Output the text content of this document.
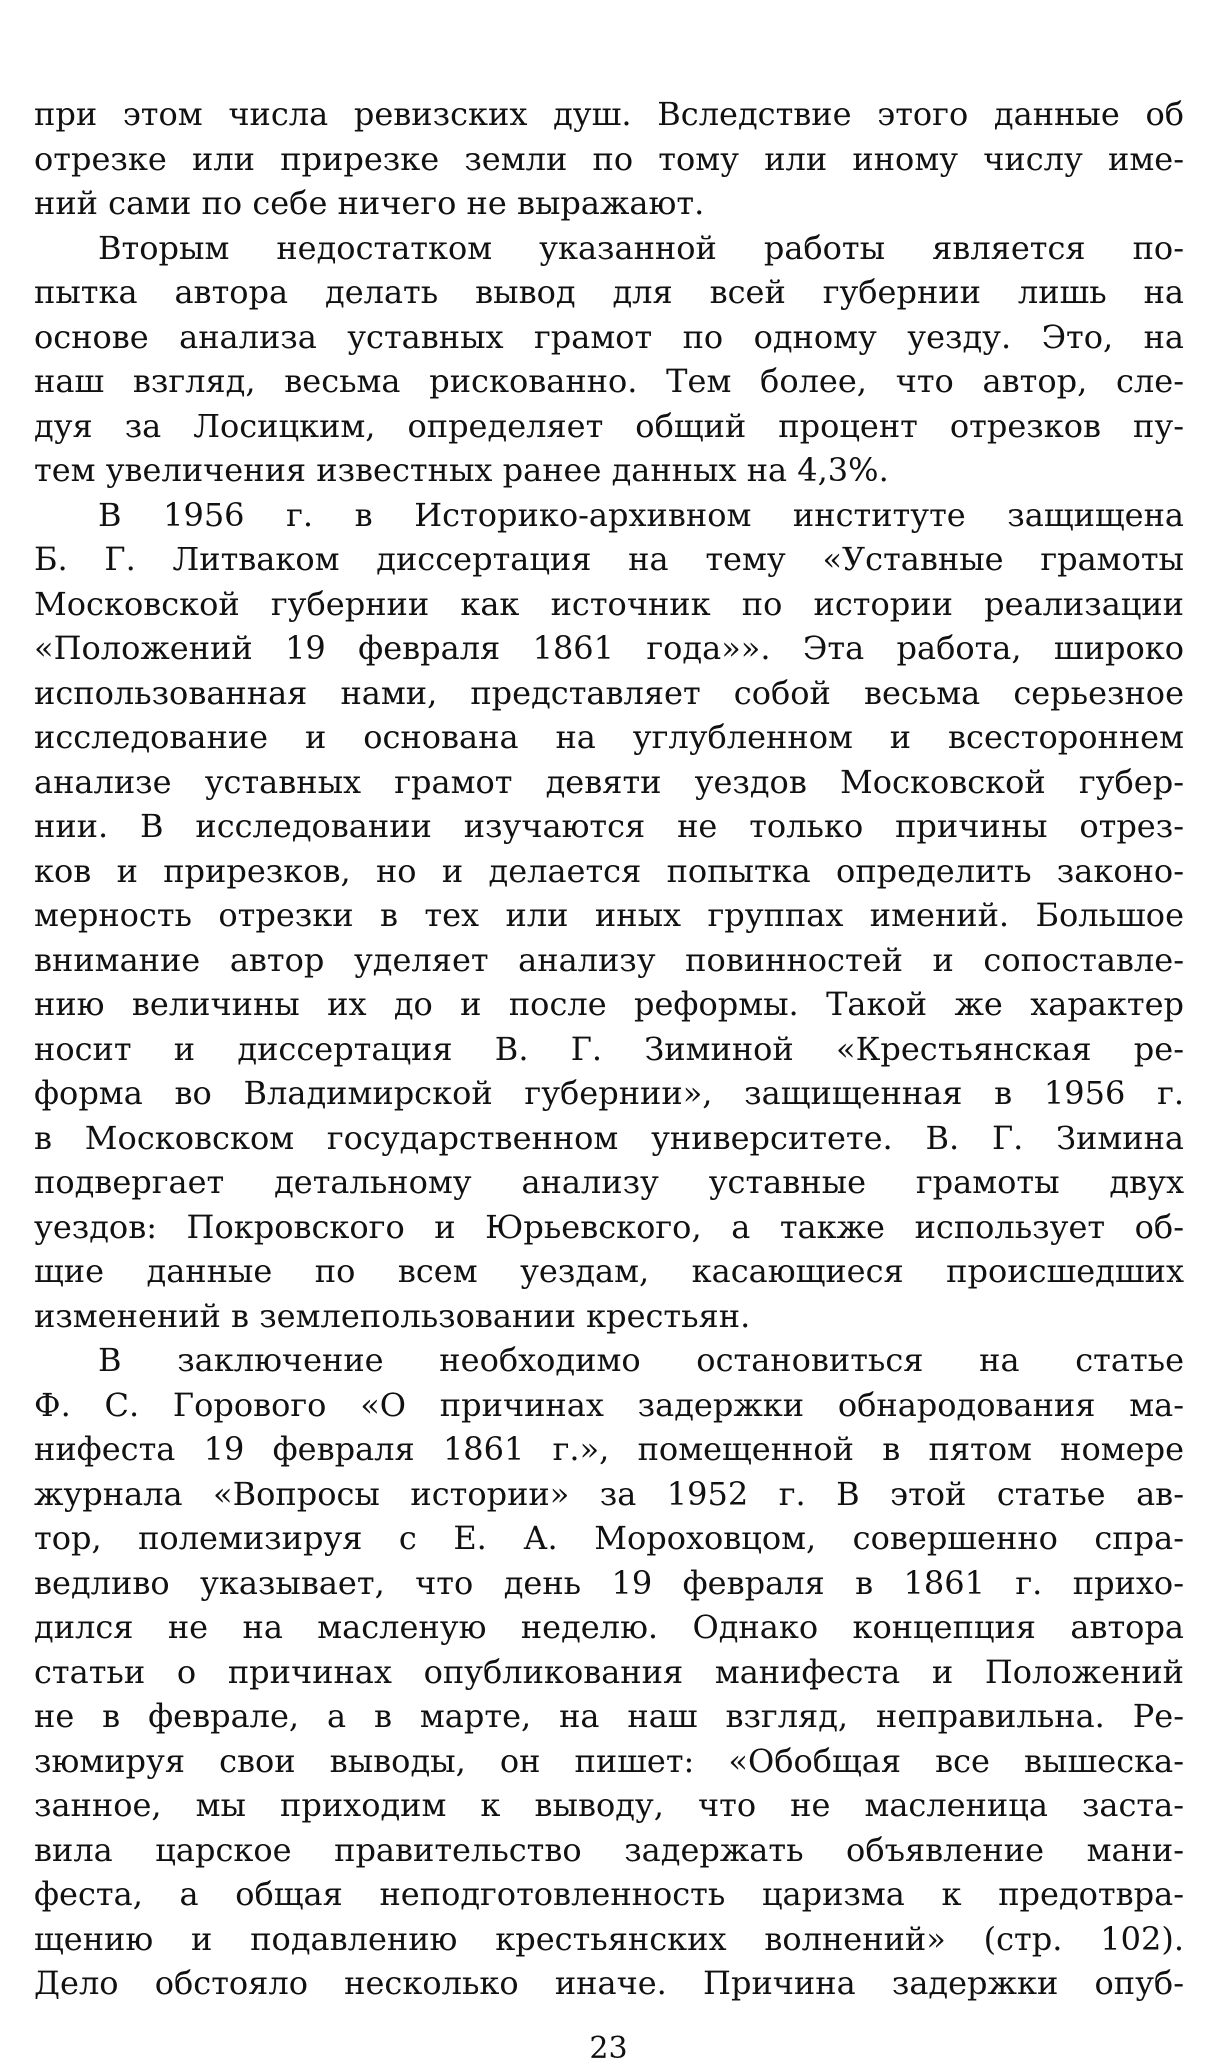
при этом числа ревизских душ. Вследствие этого данные об
отрезке или прирезке земли по тому или иному числу име-
ний сами по себе ничего не выражают.
Вторым недостатком указанной работы является по-
пытка автора делать вывод для всей губернии лишь на
основе анализа уставных грамот по одному уезду. Это, на
наш взгляд, весьма рискованно. Тем более, что автор, сле-
дуя за Лосицким, определяет общий процент отрезков пу-
тем увеличения известных ранее данных на 4,3%.
В 1956 г. в Историко-архивном институте защищена
Б. Г. Литваком диссертация на тему «Уставные грамоты
Московской губернии как источник по истории реализации
«Положений 19 февраля 1861 года»». Эта работа, широко
использованная нами, представляет собой весьма серьезное
исследование и основана на углубленном и всестороннем
анализе уставных грамот девяти уездов Московской губер-
нии. В исследовании изучаются не только причины отрез-
ков и прирезков, но и делается попытка определить законо-
мерность отрезки в тех или иных группах имений. Большое
внимание автор уделяет анализу повинностей и сопоставле-
нию величины их до и после реформы. Такой же характер
носит и диссертация В. Г. Зиминой «Крестьянская ре-
форма во Владимирской губернии», защищенная в 1956 г.
в Московском государственном университете. В. Г. Зимина
подвергает детальному анализу уставные грамоты двух
уездов: Покровского и Юрьевского, а также использует об-
щие данные по всем уездам, касающиеся происшедших
изменений в землепользовании крестьян.
В заключение необходимо остановиться на статье
Ф. С. Горового «О причинах задержки обнародования ма-
нифеста 19 февраля 1861 г.», помещенной в пятом номере
журнала «Вопросы истории» за 1952 г. В этой статье ав-
тор, полемизируя с Е. А. Мороховцом, совершенно спра-
ведливо указывает, что день 19 февраля в 1861 г. прихо-
дился не на масленую неделю. Однако концепция автора
статьи о причинах опубликования манифеста и Положений
не в феврале, а в марте, на наш взгляд, неправильна. Ре-
зюмируя свои выводы, он пишет: «Обобщая все вышеска-
занное, мы приходим к выводу, что не масленица заста-
вила царское правительство задержать объявление мани-
феста, а общая неподготовленность царизма к предотвра-
щению и подавлению крестьянских волнений» (стр. 102).
Дело обстояло несколько иначе. Причина задержки опуб-
23
